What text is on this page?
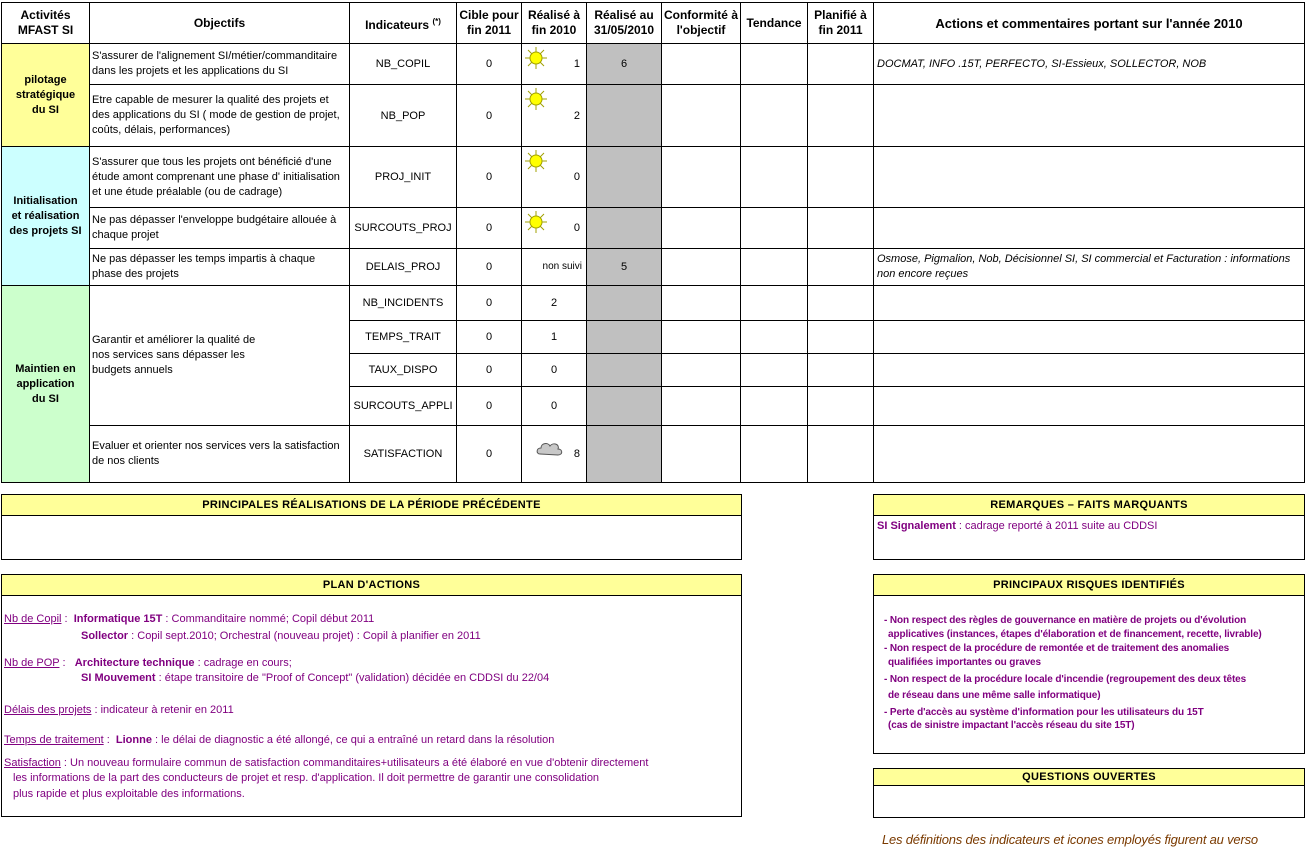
Activités MFAST SI	Objectifs	Indicateurs (*)	Cible pour fin 2011	Réalisé à fin 2010	Réalisé au 31/05/2010	Conformité à l'objectif	Tendance	Planifié à fin 2011	Actions et commentaires portant sur l'année 2010
pilotage stratégique du SI	S'assurer de l'alignement SI/métier/commanditaire dans les projets et les applications du SI	NB_COPIL	0	1	6				DOCMAT, INFO .15T, PERFECTO, SI-Essieux, SOLLECTOR, NOB
	Etre capable de mesurer la qualité des projets et des applications du SI ( mode de gestion de projet, coûts, délais, performances)	NB_POP	0	2					

Initialisation et réalisation des projets SI	S'assurer que tous les projets ont bénéficié d'une étude amont comprenant une phase d' initialisation et une étude préalable (ou de cadrage)	PROJ_INIT	0	0					

	Ne pas dépasser l'enveloppe budgétaire allouée à chaque projet	SURCOUTS_PROJ	0	0					

	Ne pas dépasser les temps impartis à chaque phase des projets	DELAIS_PROJ	0	non suivi	5				Osmose, Pigmalion, Nob, Décisionnel SI, SI commercial et Facturation : informations non encore reçues
Maintien en application du SI	Garantir et améliorer la qualité de nos services sans dépasser les budgets annuels	NB_INCIDENTS	0	2					

		TEMPS_TRAIT	0	1					

		TAUX_DISPO	0	0					

		SURCOUTS_APPLI	0	0					

	Evaluer et orienter nos services vers la satisfaction de nos clients	SATISFACTION	0	8					

PRINCIPALES RÉALISATIONS DE LA PÉRIODE PRÉCÉDENTE	REMARQUES – FAITS MARQUANTS
SI Signalement : cadrage reporté à 2011 suite au CDDSI
PLAN D'ACTIONS
Nb de Copil :  Informatique 15T : Commanditaire nommé; Copil début 2011
Sollector : Copil sept.2010; Orchestral (nouveau projet) : Copil à planifier en 2011
Nb de POP :   Architecture technique : cadrage en cours;
SI Mouvement : étape transitoire de "Proof of Concept" (validation) décidée en CDDSI du 22/04
Délais des projets : indicateur à retenir en 2011
Temps de traitement :  Lionne : le délai de diagnostic a été allongé, ce qui a entraîné un retard dans la résolution
Satisfaction : Un nouveau formulaire commun de satisfaction commanditaires+utilisateurs a été élaboré en vue d'obtenir directement
les informations de la part des conducteurs de projet et resp. d'application. Il doit permettre de garantir une consolidation
plus rapide et plus exploitable des informations.
PRINCIPAUX RISQUES IDENTIFIÉS
- Non respect des règles de gouvernance en matière de projets ou d'évolution
applicatives (instances, étapes d'élaboration et de financement, recette, livrable)
- Non respect de la procédure de remontée et de traitement des anomalies
qualifiées importantes ou graves
- Non respect de la procédure locale d'incendie (regroupement des deux têtes
de réseau dans une même salle informatique)
- Perte d'accès au système d'information pour les utilisateurs du 15T
(cas de sinistre impactant l'accès réseau du site 15T)
QUESTIONS OUVERTES
Les définitions des indicateurs et icones employés figurent au verso
